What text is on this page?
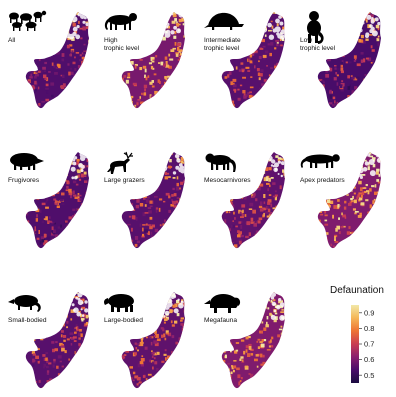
All	High
trophic level
Intermediate
trophic level
Low
trophic level
Frugivores	Large grazers	Mesocarnivores	Apex predators
Small-bodied	Large-bodied	Megafauna
Defaunation
0.9
0.8
0.7
0.6
0.5
